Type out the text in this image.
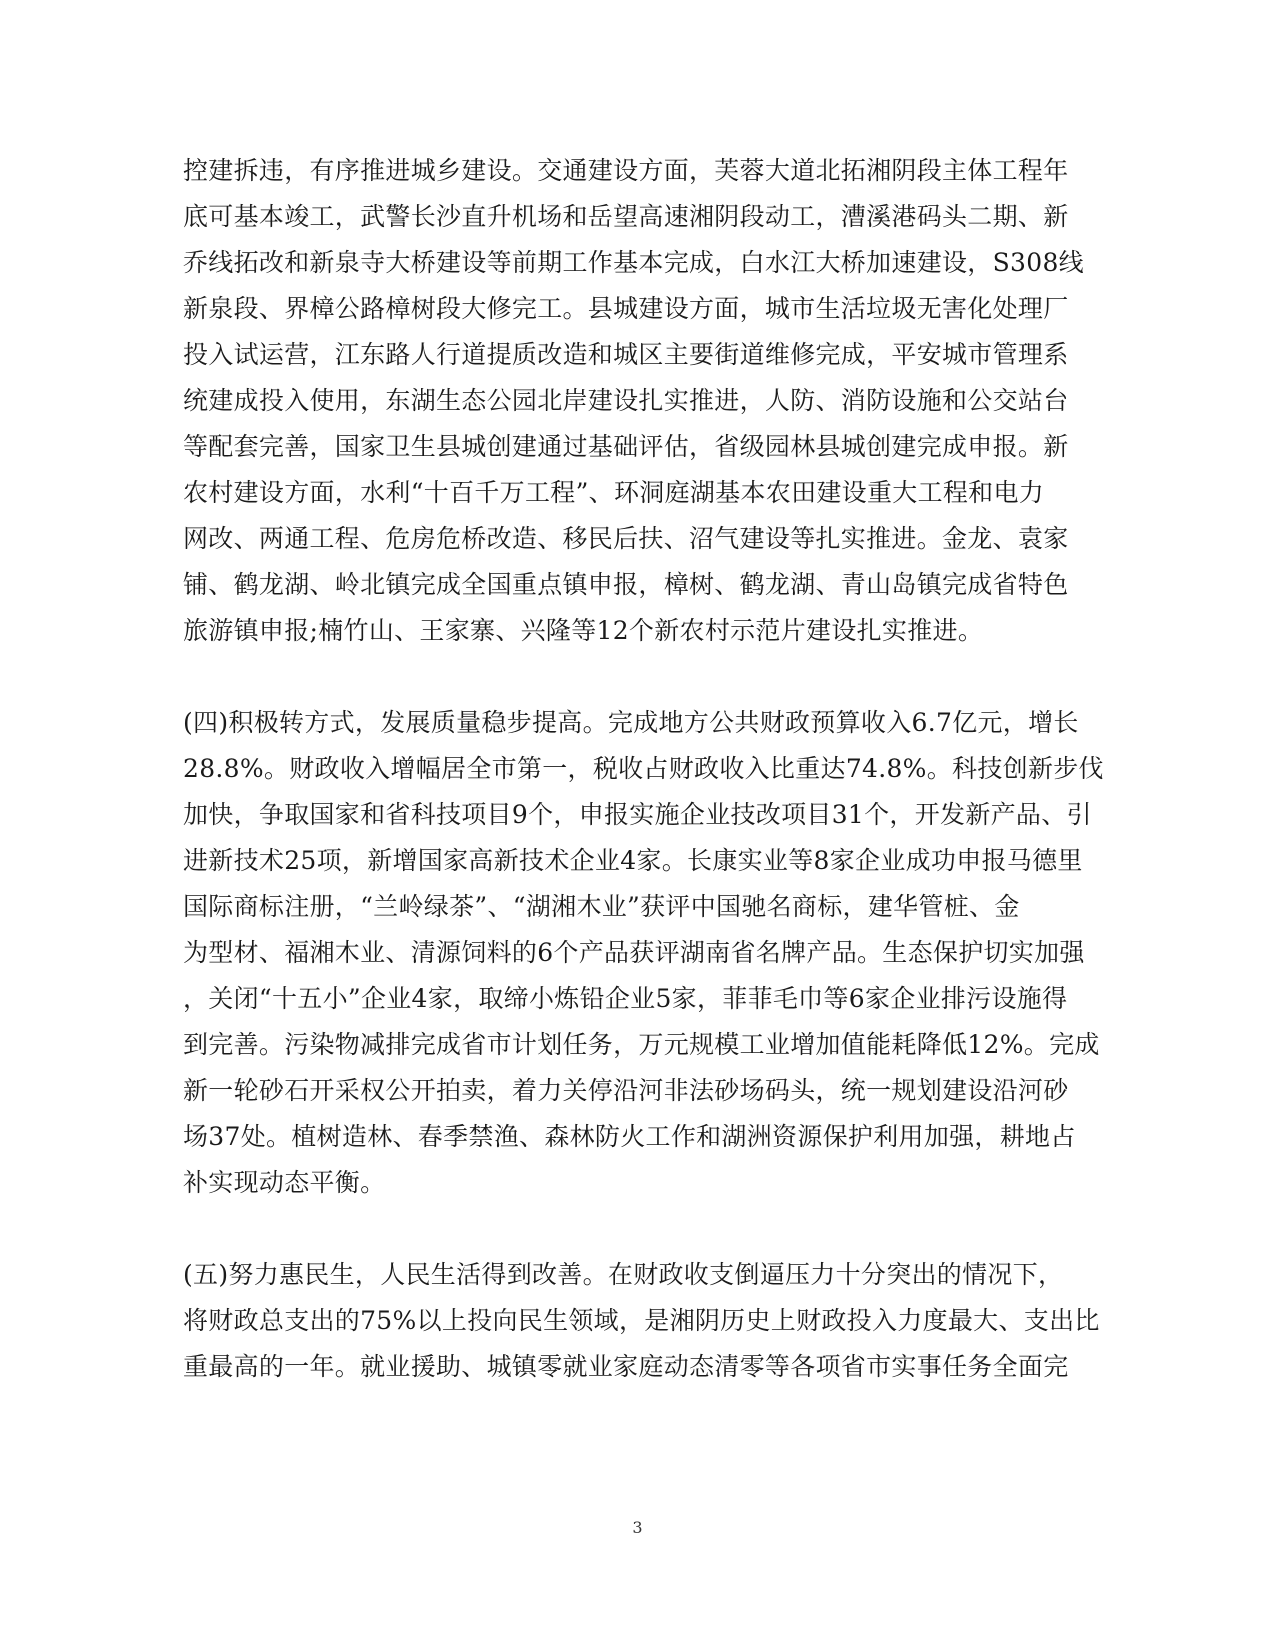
控建拆违，有序推进城乡建设。交通建设方面，芙蓉大道北拓湘阴段主体工程年
底可基本竣工，武警长沙直升机场和岳望高速湘阴段动工，漕溪港码头二期、新
乔线拓改和新泉寺大桥建设等前期工作基本完成，白水江大桥加速建设，S308线
新泉段、界樟公路樟树段大修完工。县城建设方面，城市生活垃圾无害化处理厂
投入试运营，江东路人行道提质改造和城区主要街道维修完成，平安城市管理系
统建成投入使用，东湖生态公园北岸建设扎实推进，人防、消防设施和公交站台
等配套完善，国家卫生县城创建通过基础评估，省级园林县城创建完成申报。新
农村建设方面，水利“十百千万工程”、环洞庭湖基本农田建设重大工程和电力
网改、两通工程、危房危桥改造、移民后扶、沼气建设等扎实推进。金龙、袁家
铺、鹤龙湖、岭北镇完成全国重点镇申报，樟树、鹤龙湖、青山岛镇完成省特色
旅游镇申报;楠竹山、王家寨、兴隆等12个新农村示范片建设扎实推进。
(四)积极转方式，发展质量稳步提高。完成地方公共财政预算收入6.7亿元，增长
28.8%。财政收入增幅居全市第一，税收占财政收入比重达74.8%。科技创新步伐
加快，争取国家和省科技项目9个，申报实施企业技改项目31个，开发新产品、引
进新技术25项，新增国家高新技术企业4家。长康实业等8家企业成功申报马德里
国际商标注册，“兰岭绿茶”、“湖湘木业”获评中国驰名商标，建华管桩、金
为型材、福湘木业、清源饲料的6个产品获评湖南省名牌产品。生态保护切实加强
，关闭“十五小”企业4家，取缔小炼铅企业5家，菲菲毛巾等6家企业排污设施得
到完善。污染物减排完成省市计划任务，万元规模工业增加值能耗降低12%。完成
新一轮砂石开采权公开拍卖，着力关停沿河非法砂场码头，统一规划建设沿河砂
场37处。植树造林、春季禁渔、森林防火工作和湖洲资源保护利用加强，耕地占
补实现动态平衡。
(五)努力惠民生，人民生活得到改善。在财政收支倒逼压力十分突出的情况下，
将财政总支出的75%以上投向民生领域，是湘阴历史上财政投入力度最大、支出比
重最高的一年。就业援助、城镇零就业家庭动态清零等各项省市实事任务全面完
3
